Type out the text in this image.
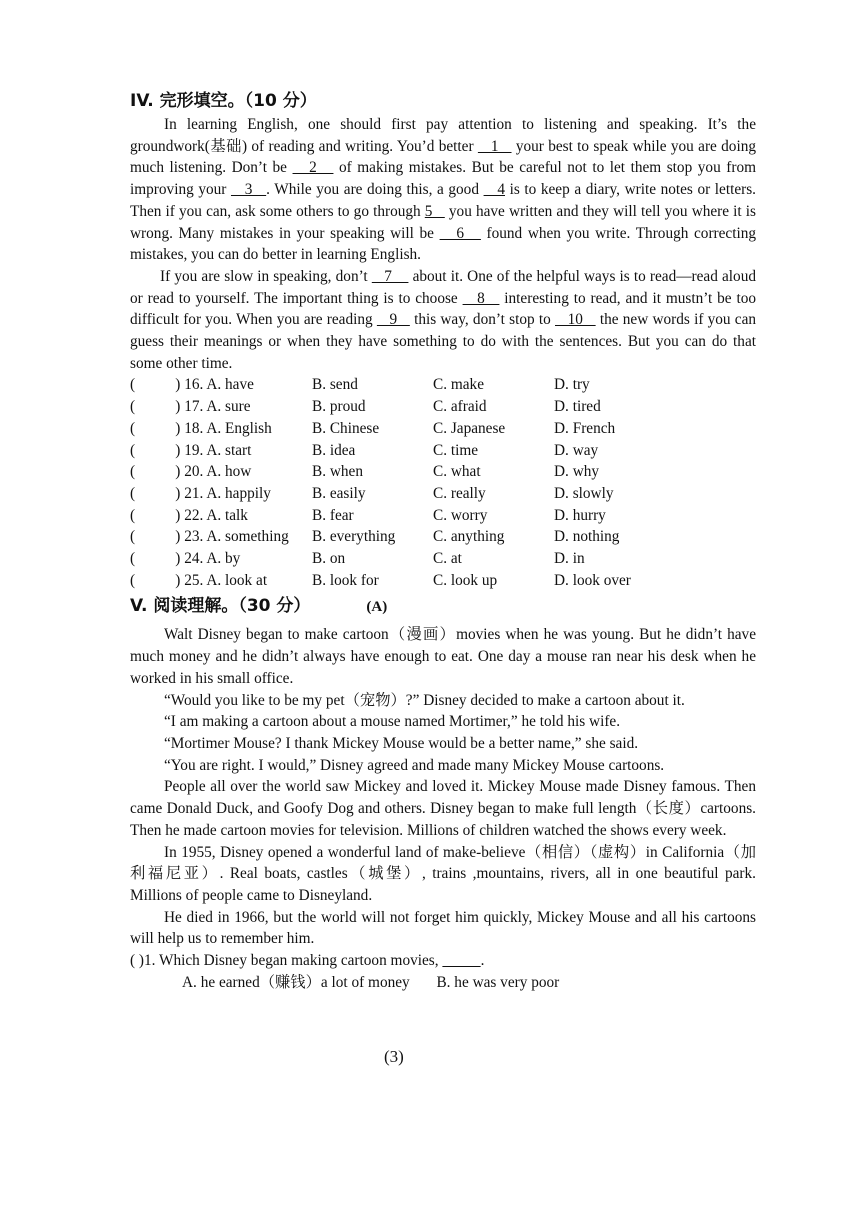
IV. 完形填空。（10 分）

In learning English, one should first pay attention to listening and speaking. It’s the groundwork(基础) of reading and writing. You’d better    1    your best to speak while you are doing much listening. Don’t be    2    of making mistakes. But be careful not to let them stop you from improving your    3   . While you are doing this, a good    4 is to keep a diary, write notes or letters. Then if you can, ask some others to go through 5    you have written and they will tell you where it is wrong. Many mistakes in your speaking will be    6    found when you write. Through correcting mistakes, you can do better in learning English.

If you are slow in speaking, don’t    7     about it. One of the helpful ways is to read—read aloud or read to yourself. The important thing is to choose    8    interesting to read, and it mustn’t be too difficult for you. When you are reading    9    this way, don’t stop to    10    the new words if you can guess their meanings or when they have something to do with the sentences. But you can do that some other time.

(	) 16. A. have	B. send	C. make	D. try
(	) 17. A. sure	B. proud	C. afraid	D. tired
(	) 18. A. English	B. Chinese	C. Japanese	D. French
(	) 19. A. start	B. idea	C. time	D. way
(	) 20. A. how	B. when	C. what	D. why
(	) 21. A. happily	B. easily	C. really	D. slowly
(	) 22. A. talk	B. fear	C. worry	D. hurry
(	) 23. A. something	B. everything	C. anything	D. nothing
(	) 24. A. by	B. on	C. at	D. in
(	) 25. A. look at	B. look for	C. look up	D. look over
V. 阅读理解。（30 分）	(A)

Walt Disney began to make cartoon（漫画）movies when he was young. But he didn’t have much money and he didn’t always have enough to eat. One day a mouse ran near his desk when he worked in his small office.

“Would you like to be my pet（宠物）?” Disney decided to make a cartoon about it.

“I am making a cartoon about a mouse named Mortimer,” he told his wife.

“Mortimer Mouse? I thank Mickey Mouse would be a better name,” she said.

“You are right. I would,” Disney agreed and made many Mickey Mouse cartoons.

People all over the world saw Mickey and loved it. Mickey Mouse made Disney famous. Then came Donald Duck, and Goofy Dog and others. Disney began to make full length（长度）cartoons. Then he made cartoon movies for television. Millions of children watched the shows every week.

In 1955, Disney opened a wonderful land of make-believe（相信）（虚构）in California（加利福尼亚）. Real boats, castles（城堡）, trains ,mountains, rivers, all in one beautiful park. Millions of people came to Disneyland.

He died in 1966, but the world will not forget him quickly, Mickey Mouse and all his cartoons will help us to remember him.

( )1. Which Disney began making cartoon movies,	.
A. he earned（赚钱）a lot of money       B. he was very poor
(3)
